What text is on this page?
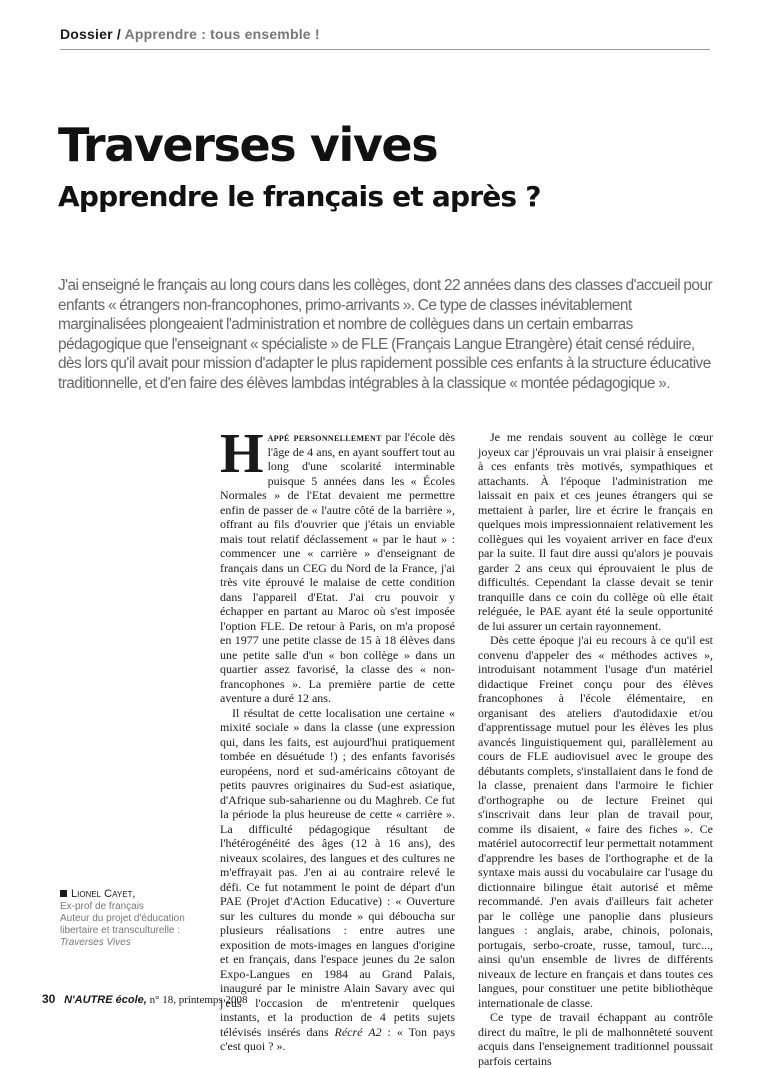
Dossier / Apprendre : tous ensemble !
Traverses vives
Apprendre le français et après ?

J'ai enseigné le français au long cours dans les collèges, dont 22 années dans des classes d'accueil pour enfants « étrangers non-francophones, primo-arrivants ». Ce type de classes inévitablement marginalisées plongeaient l'administration et nombre de collègues dans un certain embarras pédagogique que l'enseignant « spécialiste » de FLE (Français Langue Etrangère) était censé réduire, dès lors qu'il avait pour mission d'adapter le plus rapidement possible ces enfants à la structure éducative traditionnelle, et d'en faire des élèves lambdas intégrables à la classique « montée pédagogique ».

Happé personnellement par l'école dès l'âge de 4 ans, en ayant souffert tout au long d'une scolarité interminable puisque 5 années dans les « Écoles Normales » de l'Etat devaient me permettre enfin de passer de « l'autre côté de la barrière », offrant au fils d'ouvrier que j'étais un enviable mais tout relatif déclassement « par le haut » : commencer une « carrière » d'enseignant de français dans un CEG du Nord de la France, j'ai très vite éprouvé le malaise de cette condition dans l'appareil d'Etat. J'ai cru pouvoir y échapper en partant au Maroc où s'est imposée l'option FLE. De retour à Paris, on m'a proposé en 1977 une petite classe de 15 à 18 élèves dans une petite salle d'un « bon collège » dans un quartier assez favorisé, la classe des « non-francophones ». La première partie de cette aventure a duré 12 ans.

Il résultat de cette localisation une certaine « mixité sociale » dans la classe (une expression qui, dans les faits, est aujourd'hui pratiquement tombée en désuétude !) ; des enfants favorisés européens, nord et sud-américains côtoyant de petits pauvres originaires du Sud-est asiatique, d'Afrique sub-saharienne ou du Maghreb. Ce fut la période la plus heureuse de cette « carrière ». La difficulté pédagogique résultant de l'hétérogénéité des âges (12 à 16 ans), des niveaux scolaires, des langues et des cultures ne m'effrayait pas. J'en ai au contraire relevé le défi. Ce fut notamment le point de départ d'un PAE (Projet d'Action Educative) : « Ouverture sur les cultures du monde » qui déboucha sur plusieurs réalisations : entre autres une exposition de mots-images en langues d'origine et en français, dans l'espace jeunes du 2e salon Expo-Langues en 1984 au Grand Palais, inauguré par le ministre Alain Savary avec qui j'eus l'occasion de m'entretenir quelques instants, et la production de 4 petits sujets télévisés insérés dans Récré A2 : « Ton pays c'est quoi ? ».

Je me rendais souvent au collège le cœur joyeux car j'éprouvais un vrai plaisir à enseigner à ces enfants très motivés, sympathiques et attachants. À l'époque l'administration me laissait en paix et ces jeunes étrangers qui se mettaient à parler, lire et écrire le français en quelques mois impressionnaient relativement les collègues qui les voyaient arriver en face d'eux par la suite. Il faut dire aussi qu'alors je pouvais garder 2 ans ceux qui éprouvaient le plus de difficultés. Cependant la classe devait se tenir tranquille dans ce coin du collège où elle était reléguée, le PAE ayant été la seule opportunité de lui assurer un certain rayonnement.

Dès cette époque j'ai eu recours à ce qu'il est convenu d'appeler des « méthodes actives », introduisant notamment l'usage d'un matériel didactique Freinet conçu pour des élèves francophones à l'école élémentaire, en organisant des ateliers d'autodidaxie et/ou d'apprentissage mutuel pour les élèves les plus avancés linguistiquement qui, parallèlement au cours de FLE audiovisuel avec le groupe des débutants complets, s'installaient dans le fond de la classe, prenaient dans l'armoire le fichier d'orthographe ou de lecture Freinet qui s'inscrivait dans leur plan de travail pour, comme ils disaient, « faire des fiches ». Ce matériel autocorrectif leur permettait notamment d'apprendre les bases de l'orthographe et de la syntaxe mais aussi du vocabulaire car l'usage du dictionnaire bilingue était autorisé et même recommandé. J'en avais d'ailleurs fait acheter par le collège une panoplie dans plusieurs langues : anglais, arabe, chinois, polonais, portugais, serbo-croate, russe, tamoul, turc..., ainsi qu'un ensemble de livres de différents niveaux de lecture en français et dans toutes ces langues, pour constituer une petite bibliothèque internationale de classe.

Ce type de travail échappant au contrôle direct du maître, le pli de malhonnêteté souvent acquis dans l'enseignement traditionnel poussait parfois certains

Lionel Cayet,
Ex-prof de français
Auteur du projet d'éducation libertaire et transculturelle :
Traverses Vives
30 N'AUTRE école, n° 18, printemps 2008
